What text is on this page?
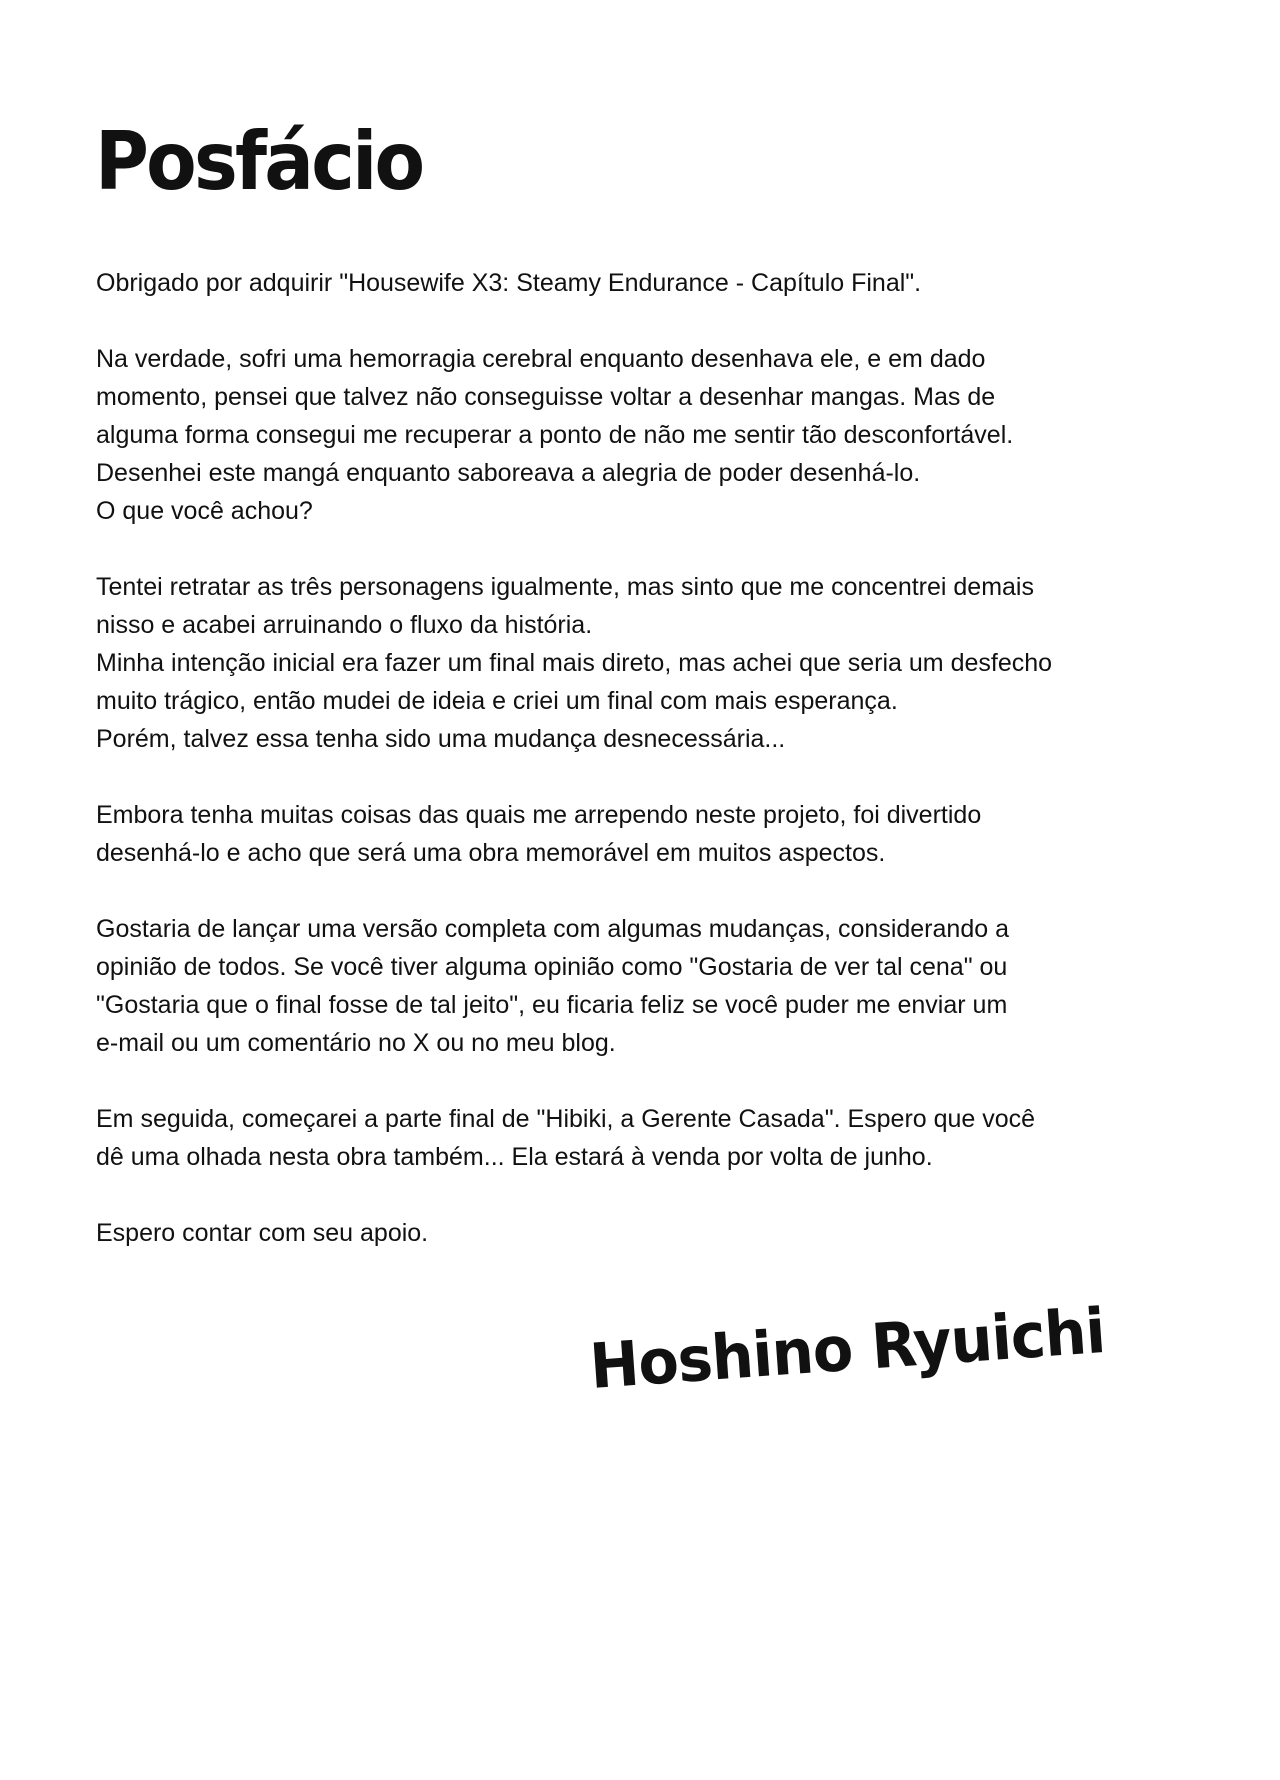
Posfácio

Obrigado por adquirir "Housewife X3: Steamy Endurance - Capítulo Final".

Na verdade, sofri uma hemorragia cerebral enquanto desenhava ele, e em dado
momento, pensei que talvez não conseguisse voltar a desenhar mangas. Mas de
alguma forma consegui me recuperar a ponto de não me sentir tão desconfortável.
Desenhei este mangá enquanto saboreava a alegria de poder desenhá-lo.
O que você achou?

Tentei retratar as três personagens igualmente, mas sinto que me concentrei demais
nisso e acabei arruinando o fluxo da história.
Minha intenção inicial era fazer um final mais direto, mas achei que seria um desfecho
muito trágico, então mudei de ideia e criei um final com mais esperança.
Porém, talvez essa tenha sido uma mudança desnecessária...

Embora tenha muitas coisas das quais me arrependo neste projeto, foi divertido
desenhá-lo e acho que será uma obra memorável em muitos aspectos.

Gostaria de lançar uma versão completa com algumas mudanças, considerando a
opinião de todos. Se você tiver alguma opinião como "Gostaria de ver tal cena" ou
"Gostaria que o final fosse de tal jeito", eu ficaria feliz se você puder me enviar um
e-mail ou um comentário no X ou no meu blog.

Em seguida, começarei a parte final de "Hibiki, a Gerente Casada". Espero que você
dê uma olhada nesta obra também... Ela estará à venda por volta de junho.

Espero contar com seu apoio.

Hoshino Ryuichi
